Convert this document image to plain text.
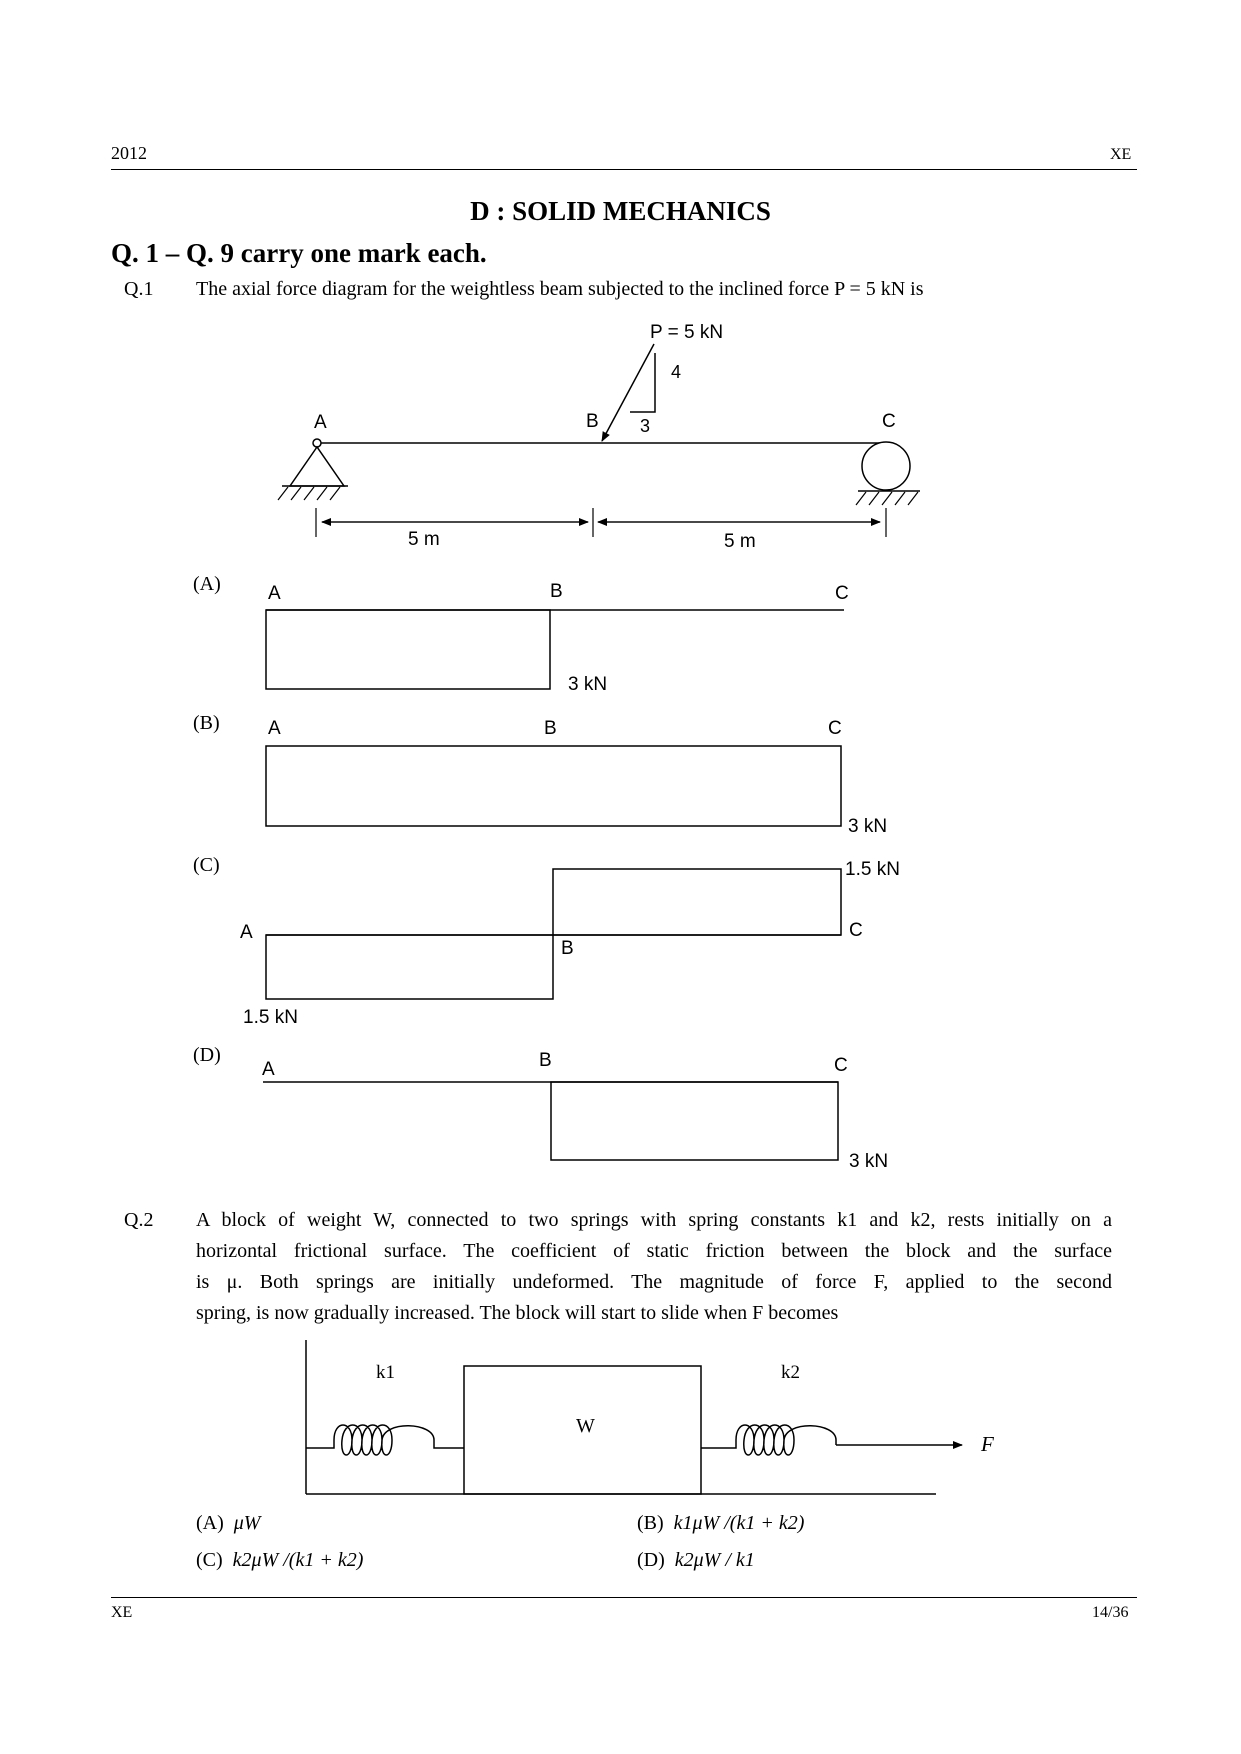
2012	XE
D : SOLID MECHANICS
Q. 1 – Q. 9 carry one mark each.
Q.1 The axial force diagram for the weightless beam subjected to the inclined force P = 5 kN is
P = 5 kN
4
3
A	B	C
5 m	5 m
(A) A	B	C
3 kN
(B)	A	B	C
3 kN
(C)
A
B
C
1.5 kN
1.5 kN
(D)
A	B	C
3 kN
k1	k2
W
F
Q.2 A block of weight W, connected to two springs with spring constants k1 and k2, rests initially on a
horizontal frictional surface. The coefficient of static friction between the block and the surface
is μ. Both springs are initially undeformed. The magnitude of force F, applied to the second
spring, is now gradually increased. The block will start to slide when F becomes
(A) μW	(B) k1μW /(k1 + k2)
(C) k2μW /(k1 + k2)	(D) k2μW / k1
XE	14/36
